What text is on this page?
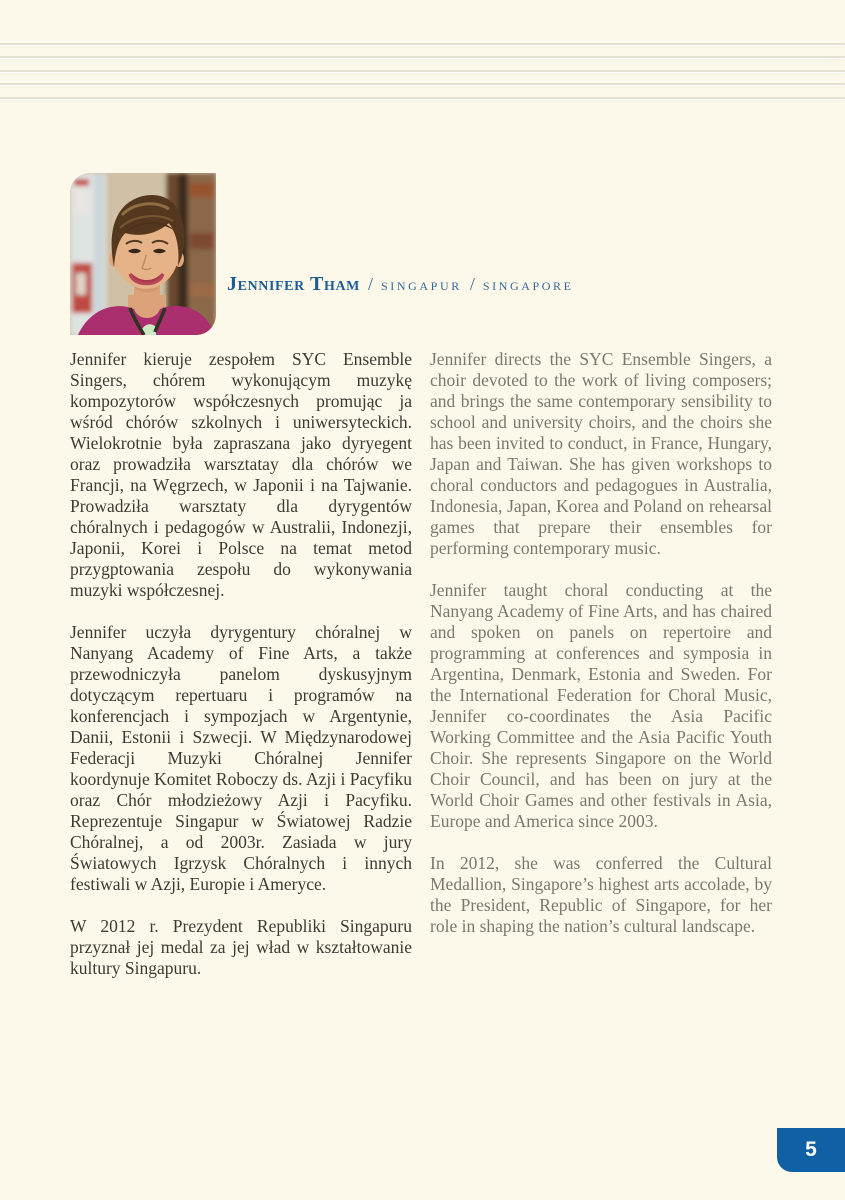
Jennifer Tham / singapur / singapore

Jennifer kieruje zespołem SYC Ensemble Singers, chórem wykonującym muzykę kompozytorów współczesnych promując ja wśród chórów szkolnych i uniwersyteckich. Wielokrotnie była zapraszana jako dyryegent oraz prowadziła warsztatay dla chórów we Francji, na Węgrzech, w Japonii i na Tajwanie. Prowadziła warsztaty dla dyrygentów chóralnych i pedagogów w Australii, Indonezji, Japonii, Korei i Polsce na temat metod przygptowania zespołu do wykonywania muzyki współczesnej.

Jennifer uczyła dyrygentury chóralnej w Nanyang Academy of Fine Arts, a także przewodniczyła panelom dyskusyjnym dotyczącym repertuaru i programów na konferencjach i sympozjach w Argentynie, Danii, Estonii i Szwecji. W Międzynarodowej Federacji Muzyki Chóralnej Jennifer koordynuje Komitet Roboczy ds. Azji i Pacyfiku oraz Chór młodzieżowy Azji i Pacyfiku. Reprezentuje Singapur w Światowej Radzie Chóralnej, a od 2003r. Zasiada w jury Światowych Igrzysk Chóralnych i innych festiwali w Azji, Europie i Ameryce.

W 2012 r. Prezydent Republiki Singapuru przyznał jej medal za jej wład w kształtowanie kultury Singapuru.

Jennifer directs the SYC Ensemble Singers, a choir devoted to the work of living composers; and brings the same contemporary sensibility to school and university choirs, and the choirs she has been invited to conduct, in France, Hungary, Japan and Taiwan. She has given workshops to choral conductors and pedagogues in Australia, Indonesia, Japan, Korea and Poland on rehearsal games that prepare their ensembles for performing contemporary music.

Jennifer taught choral conducting at the Nanyang Academy of Fine Arts, and has chaired and spoken on panels on repertoire and programming at conferences and symposia in Argentina, Denmark, Estonia and Sweden. For the International Federation for Choral Music, Jennifer co-coordinates the Asia Pacific Working Committee and the Asia Pacific Youth Choir. She represents Singapore on the World Choir Council, and has been on jury at the World Choir Games and other festivals in Asia, Europe and America since 2003.

In 2012, she was conferred the Cultural Medallion, Singapore’s highest arts accolade, by the President, Republic of Singapore, for her role in shaping the nation’s cultural landscape.

5
